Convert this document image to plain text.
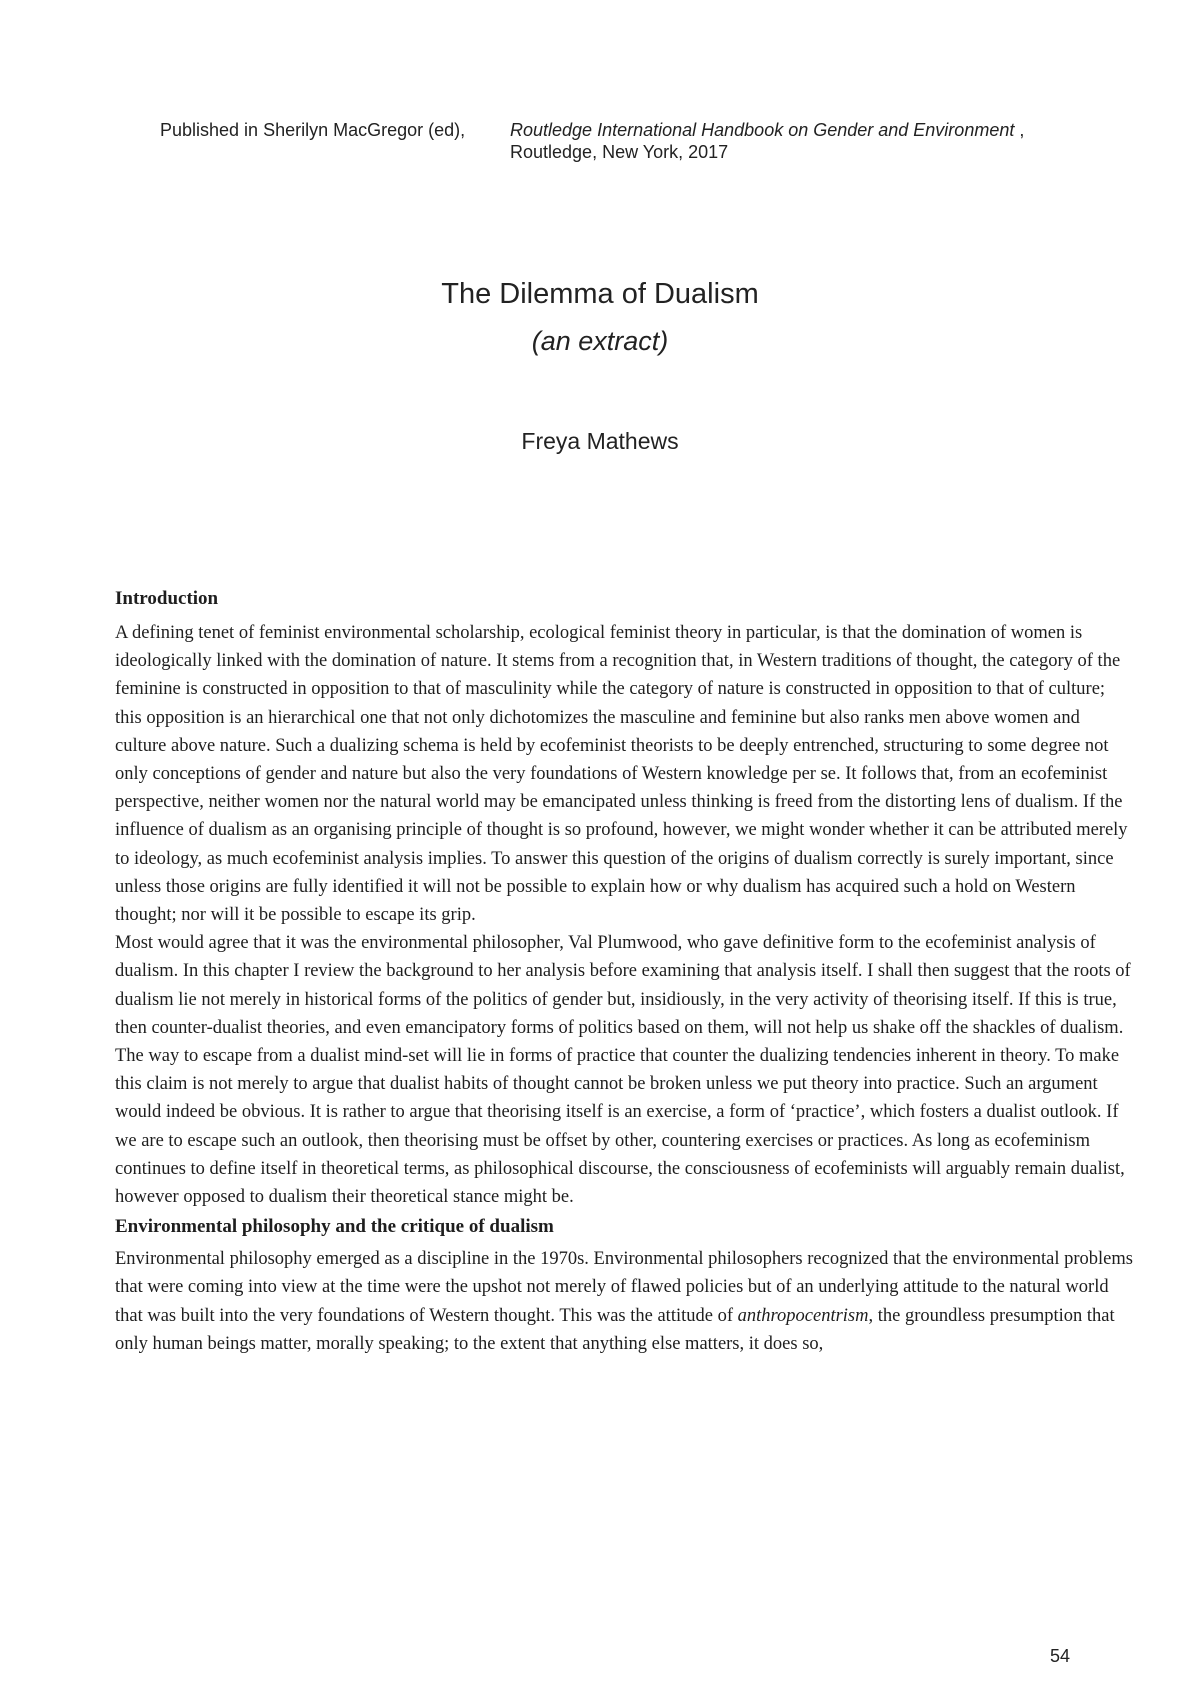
Published in Sherilyn MacGregor (ed), Routledge International Handbook on Gender and Environment ,
Routledge, New York, 2017
The Dilemma of Dualism
(an extract)
Freya Mathews
Introduction

A defining tenet of feminist environmental scholarship, ecological feminist theory in particular, is that the domination of women is ideologically linked with the domination of nature. It stems from a recognition that, in Western traditions of thought, the category of the feminine is constructed in opposition to that of masculinity while the category of nature is constructed in opposition to that of culture; this opposition is an hierarchical one that not only dichotomizes the masculine and feminine but also ranks men above women and culture above nature. Such a dualizing schema is held by ecofeminist theorists to be deeply entrenched, structuring to some degree not only conceptions of gender and nature but also the very foundations of Western knowledge per se. It follows that, from an ecofeminist perspective, neither women nor the natural world may be emancipated unless thinking is freed from the distorting lens of dualism. If the influence of dualism as an organising principle of thought is so profound, however, we might wonder whether it can be attributed merely to ideology, as much ecofeminist analysis implies. To answer this question of the origins of dualism correctly is surely important, since unless those origins are fully identified it will not be possible to explain how or why dualism has acquired such a hold on Western thought; nor will it be possible to escape its grip.

Most would agree that it was the environmental philosopher, Val Plumwood, who gave definitive form to the ecofeminist analysis of dualism. In this chapter I review the background to her analysis before examining that analysis itself. I shall then suggest that the roots of dualism lie not merely in historical forms of the politics of gender but, insidiously, in the very activity of theorising itself. If this is true, then counter-dualist theories, and even emancipatory forms of politics based on them, will not help us shake off the shackles of dualism. The way to escape from a dualist mind-set will lie in forms of practice that counter the dualizing tendencies inherent in theory. To make this claim is not merely to argue that dualist habits of thought cannot be broken unless we put theory into practice. Such an argument would indeed be obvious. It is rather to argue that theorising itself is an exercise, a form of ‘practice’, which fosters a dualist outlook. If we are to escape such an outlook, then theorising must be offset by other, countering exercises or practices. As long as ecofeminism continues to define itself in theoretical terms, as philosophical discourse, the consciousness of ecofeminists will arguably remain dualist, however opposed to dualism their theoretical stance might be.

Environmental philosophy and the critique of dualism

Environmental philosophy emerged as a discipline in the 1970s. Environmental philosophers recognized that the environmental problems that were coming into view at the time were the upshot not merely of flawed policies but of an underlying attitude to the natural world that was built into the very foundations of Western thought. This was the attitude of anthropocentrism, the groundless presumption that only human beings matter, morally speaking; to the extent that anything else matters, it does so,

54
